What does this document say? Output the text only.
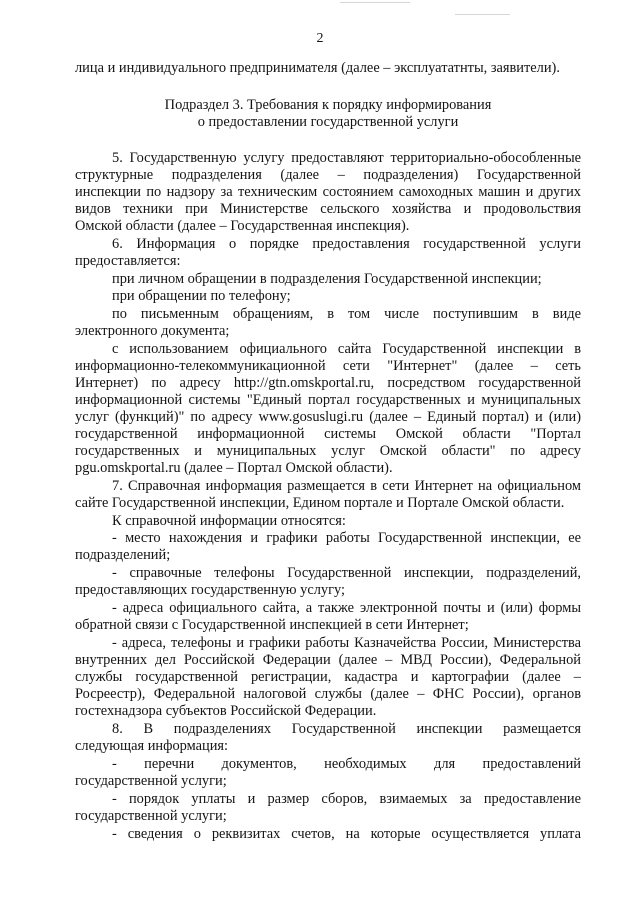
2
лица и индивидуального предпринимателя (далее – эксплуататнты, заявители).
Подраздел 3. Требования к порядку информирования
о предоставлении государственной услуги
5. Государственную услугу предоставляют территориально-обособленные
структурные подразделения (далее – подразделения) Государственной
инспекции по надзору за техническим состоянием самоходных машин и других
видов техники при Министерстве сельского хозяйства и продовольствия
Омской области (далее – Государственная инспекция).
6. Информация о порядке предоставления государственной услуги
предоставляется:
при личном обращении в подразделения Государственной инспекции;
при обращении по телефону;
по письменным обращениям, в том числе поступившим в виде
электронного документа;
с использованием официального сайта Государственной инспекции в
информационно-телекоммуникационной сети "Интернет" (далее – сеть
Интернет) по адресу http://gtn.omskportal.ru, посредством государственной
информационной системы "Единый портал государственных и муниципальных
услуг (функций)" по адресу www.gosuslugi.ru (далее – Единый портал) и (или)
государственной информационной системы Омской области "Портал
государственных и муниципальных услуг Омской области" по адресу
pgu.omskportal.ru (далее – Портал Омской области).
7. Справочная информация размещается в сети Интернет на официальном
сайте Государственной инспекции, Едином портале и Портале Омской области.
К справочной информации относятся:
- место нахождения и графики работы Государственной инспекции, ее
подразделений;
- справочные телефоны Государственной инспекции, подразделений,
предоставляющих государственную услугу;
- адреса официального сайта, а также электронной почты и (или) формы
обратной связи с Государственной инспекцией в сети Интернет;
- адреса, телефоны и графики работы Казначейства России, Министерства
внутренних дел Российской Федерации (далее – МВД России), Федеральной
службы государственной регистрации, кадастра и картографии (далее –
Росреестр), Федеральной налоговой службы (далее – ФНС России), органов
гостехнадзора субъектов Российской Федерации.
8. В подразделениях Государственной инспекции размещается
следующая информация:
- перечни документов, необходимых для предоставлений
государственной услуги;
- порядок уплаты и размер сборов, взимаемых за предоставление
государственной услуги;
- сведения о реквизитах счетов, на которые осуществляется уплата
